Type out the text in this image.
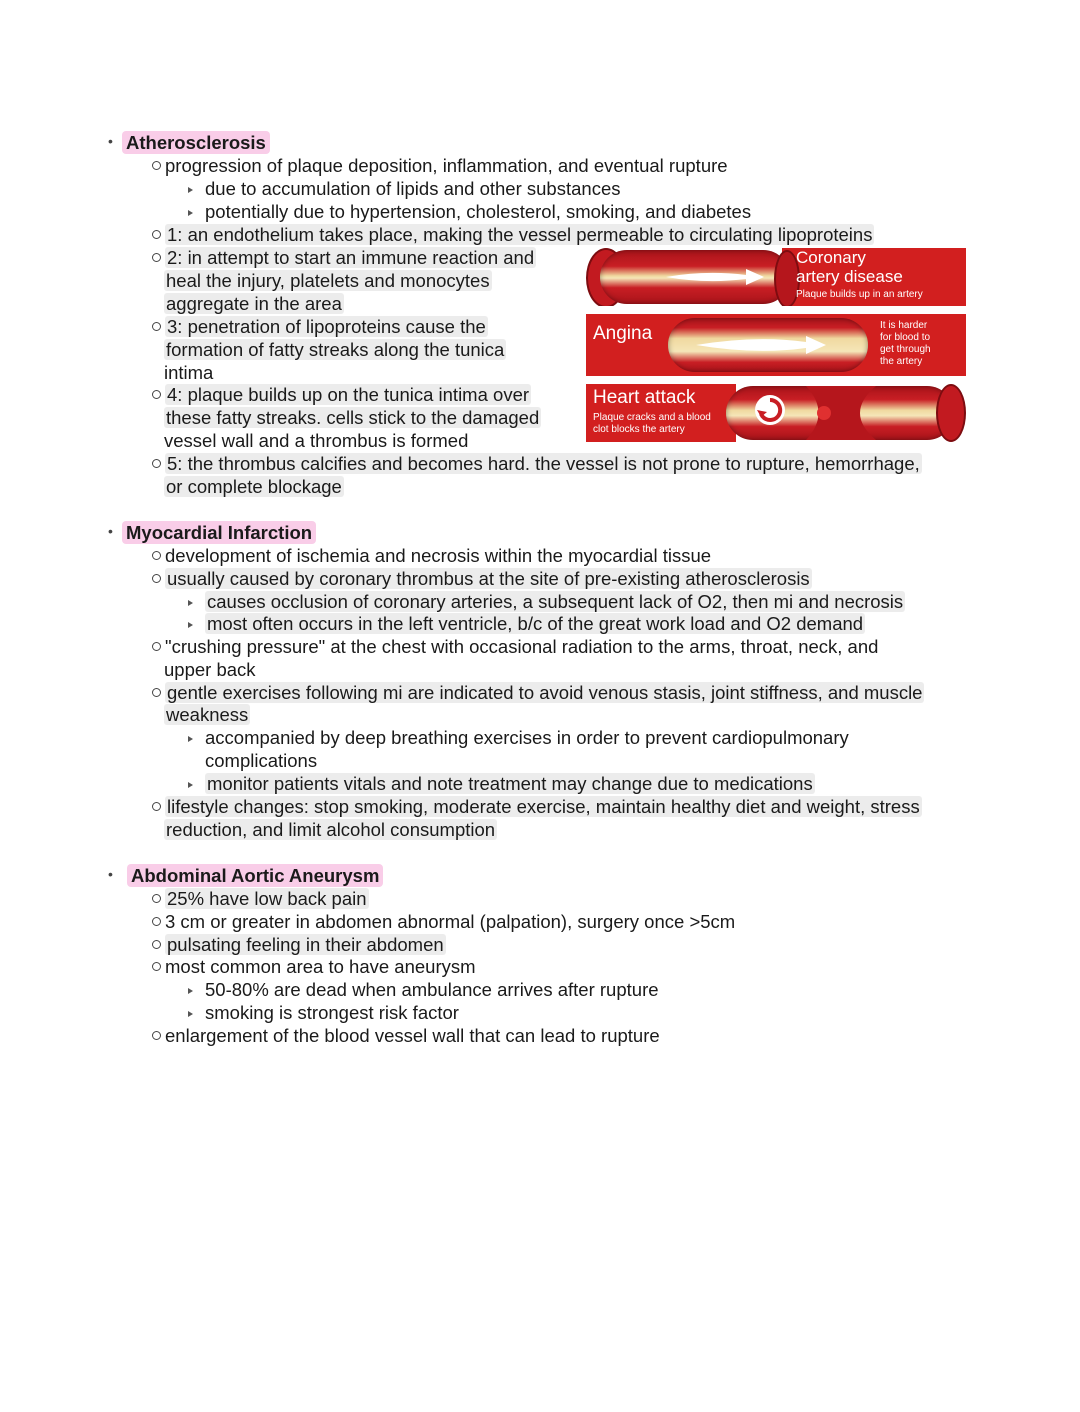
• Atherosclerosis
progression of plaque deposition, inflammation, and eventual rupture
due to accumulation of lipids and other substances
potentially due to hypertension, cholesterol, smoking, and diabetes
1: an endothelium takes place, making the vessel permeable to circulating lipoproteins
2: in attempt to start an immune reaction and
heal the injury, platelets and monocytes
aggregate in the area
3: penetration of lipoproteins cause the
formation of fatty streaks along the tunica
intima
4: plaque builds up on the tunica intima over
these fatty streaks. cells stick to the damaged
vessel wall and a thrombus is formed
5: the thrombus calcifies and becomes hard. the vessel is not prone to rupture, hemorrhage,
or complete blockage
Coronary
artery disease
Plaque builds up in an artery
Angina	It is harder
for blood to
get through
the artery
Heart attack
Plaque cracks and a blood
clot blocks the artery
• Myocardial Infarction
development of ischemia and necrosis within the myocardial tissue
usually caused by coronary thrombus at the site of pre-existing atherosclerosis
causes occlusion of coronary arteries, a subsequent lack of O2, then mi and necrosis
most often occurs in the left ventricle, b/c of the great work load and O2 demand
"crushing pressure" at the chest with occasional radiation to the arms, throat, neck, and
upper back
gentle exercises following mi are indicated to avoid venous stasis, joint stiffness, and muscle
weakness
accompanied by deep breathing exercises in order to prevent cardiopulmonary
complications
monitor patients vitals and note treatment may change due to medications
lifestyle changes: stop smoking, moderate exercise, maintain healthy diet and weight, stress
reduction, and limit alcohol consumption
• Abdominal Aortic Aneurysm
25% have low back pain
3 cm or greater in abdomen abnormal (palpation), surgery once >5cm
pulsating feeling in their abdomen
most common area to have aneurysm
50-80% are dead when ambulance arrives after rupture
smoking is strongest risk factor
enlargement of the blood vessel wall that can lead to rupture
